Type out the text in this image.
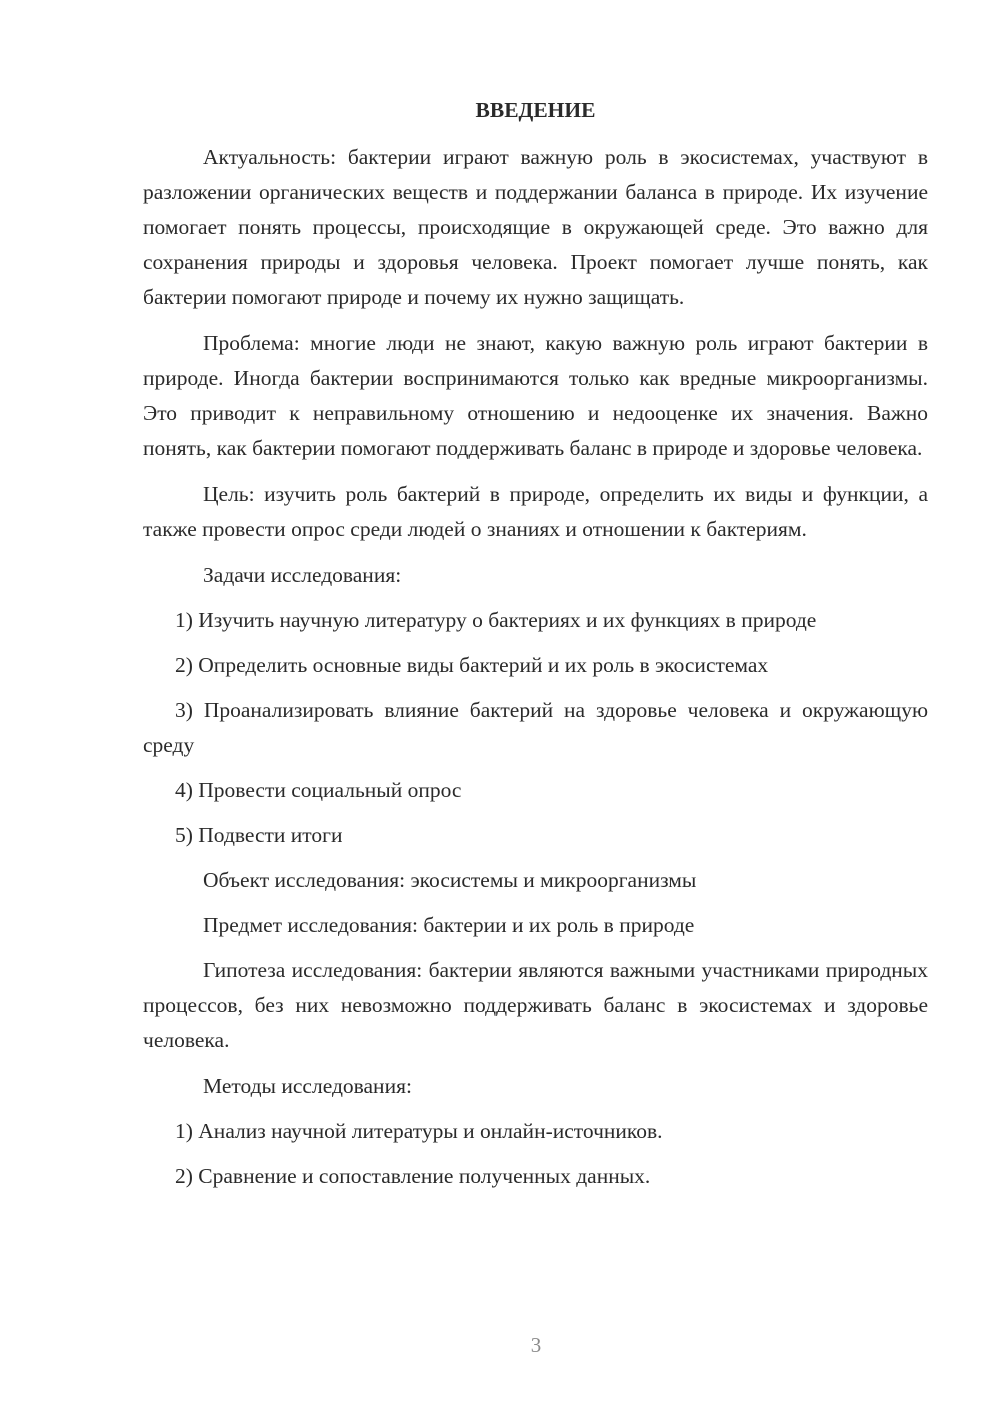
ВВЕДЕНИЕ

Актуальность: бактерии играют важную роль в экосистемах, участвуют в разложении органических веществ и поддержании баланса в природе. Их изучение помогает понять процессы, происходящие в окружающей среде. Это важно для сохранения природы и здоровья человека. Проект помогает лучше понять, как бактерии помогают природе и почему их нужно защищать.

Проблема: многие люди не знают, какую важную роль играют бактерии в природе. Иногда бактерии воспринимаются только как вредные микроорганизмы. Это приводит к неправильному отношению и недооценке их значения. Важно понять, как бактерии помогают поддерживать баланс в природе и здоровье человека.

Цель: изучить роль бактерий в природе, определить их виды и функции, а также провести опрос среди людей о знаниях и отношении к бактериям.

Задачи исследования:
1) Изучить научную литературу о бактериях и их функциях в природе
2) Определить основные виды бактерий и их роль в экосистемах
3) Проанализировать влияние бактерий на здоровье человека и окружающую среду
4) Провести социальный опрос
5) Подвести итоги
Объект исследования: экосистемы и микроорганизмы
Предмет исследования: бактерии и их роль в природе

Гипотеза исследования: бактерии являются важными участниками природных процессов, без них невозможно поддерживать баланс в экосистемах и здоровье человека.

Методы исследования:
1) Анализ научной литературы и онлайн-источников.
2) Сравнение и сопоставление полученных данных.
3
